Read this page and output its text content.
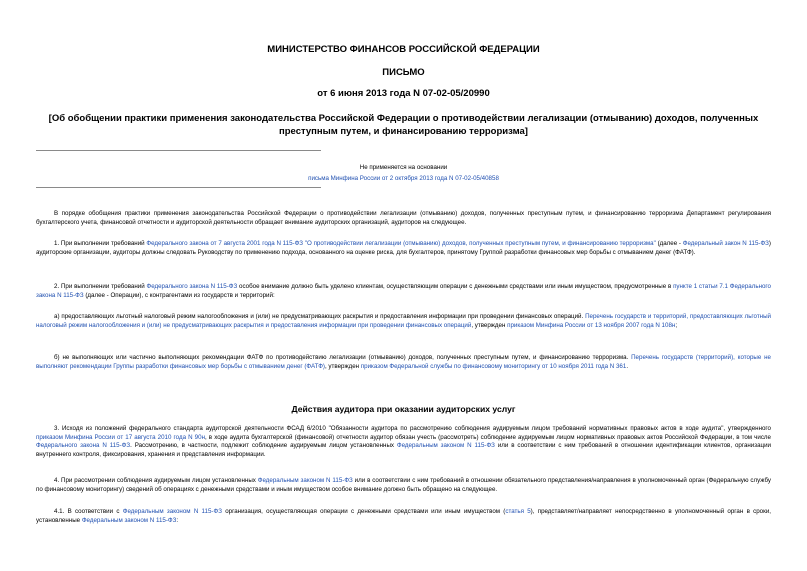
МИНИСТЕРСТВО ФИНАНСОВ РОССИЙСКОЙ ФЕДЕРАЦИИ
ПИСЬМО
от 6 июня 2013 года N 07-02-05/20990
[Об обобщении практики применения законодательства Российской Федерации о противодействии легализации (отмыванию) доходов, полученных преступным путем, и финансированию терроризма]
Не применяется на основании
письма Минфина России от 2 октября 2013 года N 07-02-05/40858

В порядке обобщения практики применения законодательства Российской Федерации о противодействии легализации (отмыванию) доходов, полученных преступным путем, и финансированию терроризма Департамент регулирования бухгалтерского учета, финансовой отчетности и аудиторской деятельности обращает внимание аудиторских организаций, аудиторов на следующее.

1. При выполнении требований Федерального закона от 7 августа 2001 года N 115-ФЗ "О противодействии легализации (отмыванию) доходов, полученных преступным путем, и финансированию терроризма" (далее - Федеральный закон N 115-ФЗ) аудиторские организации, аудиторы должны следовать Руководству по применению подхода, основанного на оценке риска, для бухгалтеров, принятому Группой разработки финансовых мер борьбы с отмыванием денег (ФАТФ).

2. При выполнении требований Федерального закона N 115-ФЗ особое внимание должно быть уделено клиентам, осуществляющим операции с денежными средствами или иным имуществом, предусмотренные в пункте 1 статьи 7.1 Федерального закона N 115-ФЗ (далее - Операции), с контрагентами из государств и территорий:

а) предоставляющих льготный налоговый режим налогообложения и (или) не предусматривающих раскрытия и предоставления информации при проведении финансовых операций. Перечень государств и территорий, предоставляющих льготный налоговый режим налогообложения и (или) не предусматривающих раскрытия и предоставления информации при проведении финансовых операций, утвержден приказом Минфина России от 13 ноября 2007 года N 108н;

б) не выполняющих или частично выполняющих рекомендации ФАТФ по противодействию легализации (отмыванию) доходов, полученных преступным путем, и финансированию терроризма. Перечень государств (территорий), которые не выполняют рекомендации Группы разработки финансовых мер борьбы с отмыванием денег (ФАТФ), утвержден приказом Федеральной службы по финансовому мониторингу от 10 ноября 2011 года N 361.

Действия аудитора при оказании аудиторских услуг

3. Исходя из положений федерального стандарта аудиторской деятельности ФСАД 6/2010 "Обязанности аудитора по рассмотрению соблюдения аудируемым лицом требований нормативных правовых актов в ходе аудита", утвержденного приказом Минфина России от 17 августа 2010 года N 90н, в ходе аудита бухгалтерской (финансовой) отчетности аудитор обязан учесть (рассмотреть) соблюдение аудируемым лицом нормативных правовых актов Российской Федерации, в том числе Федерального закона N 115-ФЗ. Рассмотрению, в частности, подлежит соблюдение аудируемым лицом установленных Федеральным законом N 115-ФЗ или в соответствии с ним требований в отношении идентификации клиентов, организации внутреннего контроля, фиксирования, хранения и представления информации.

4. При рассмотрении соблюдения аудируемым лицом установленных Федеральным законом N 115-ФЗ или в соответствии с ним требований в отношении обязательного представления/направления в уполномоченный орган (Федеральную службу по финансовому мониторингу) сведений об операциях с денежными средствами и иным имуществом особое внимание должно быть обращено на следующее.

4.1. В соответствии с Федеральным законом N 115-ФЗ организация, осуществляющая операции с денежными средствами или иным имуществом (статья 5), представляет/направляет непосредственно в уполномоченный орган в сроки, установленные Федеральным законом N 115-ФЗ:
